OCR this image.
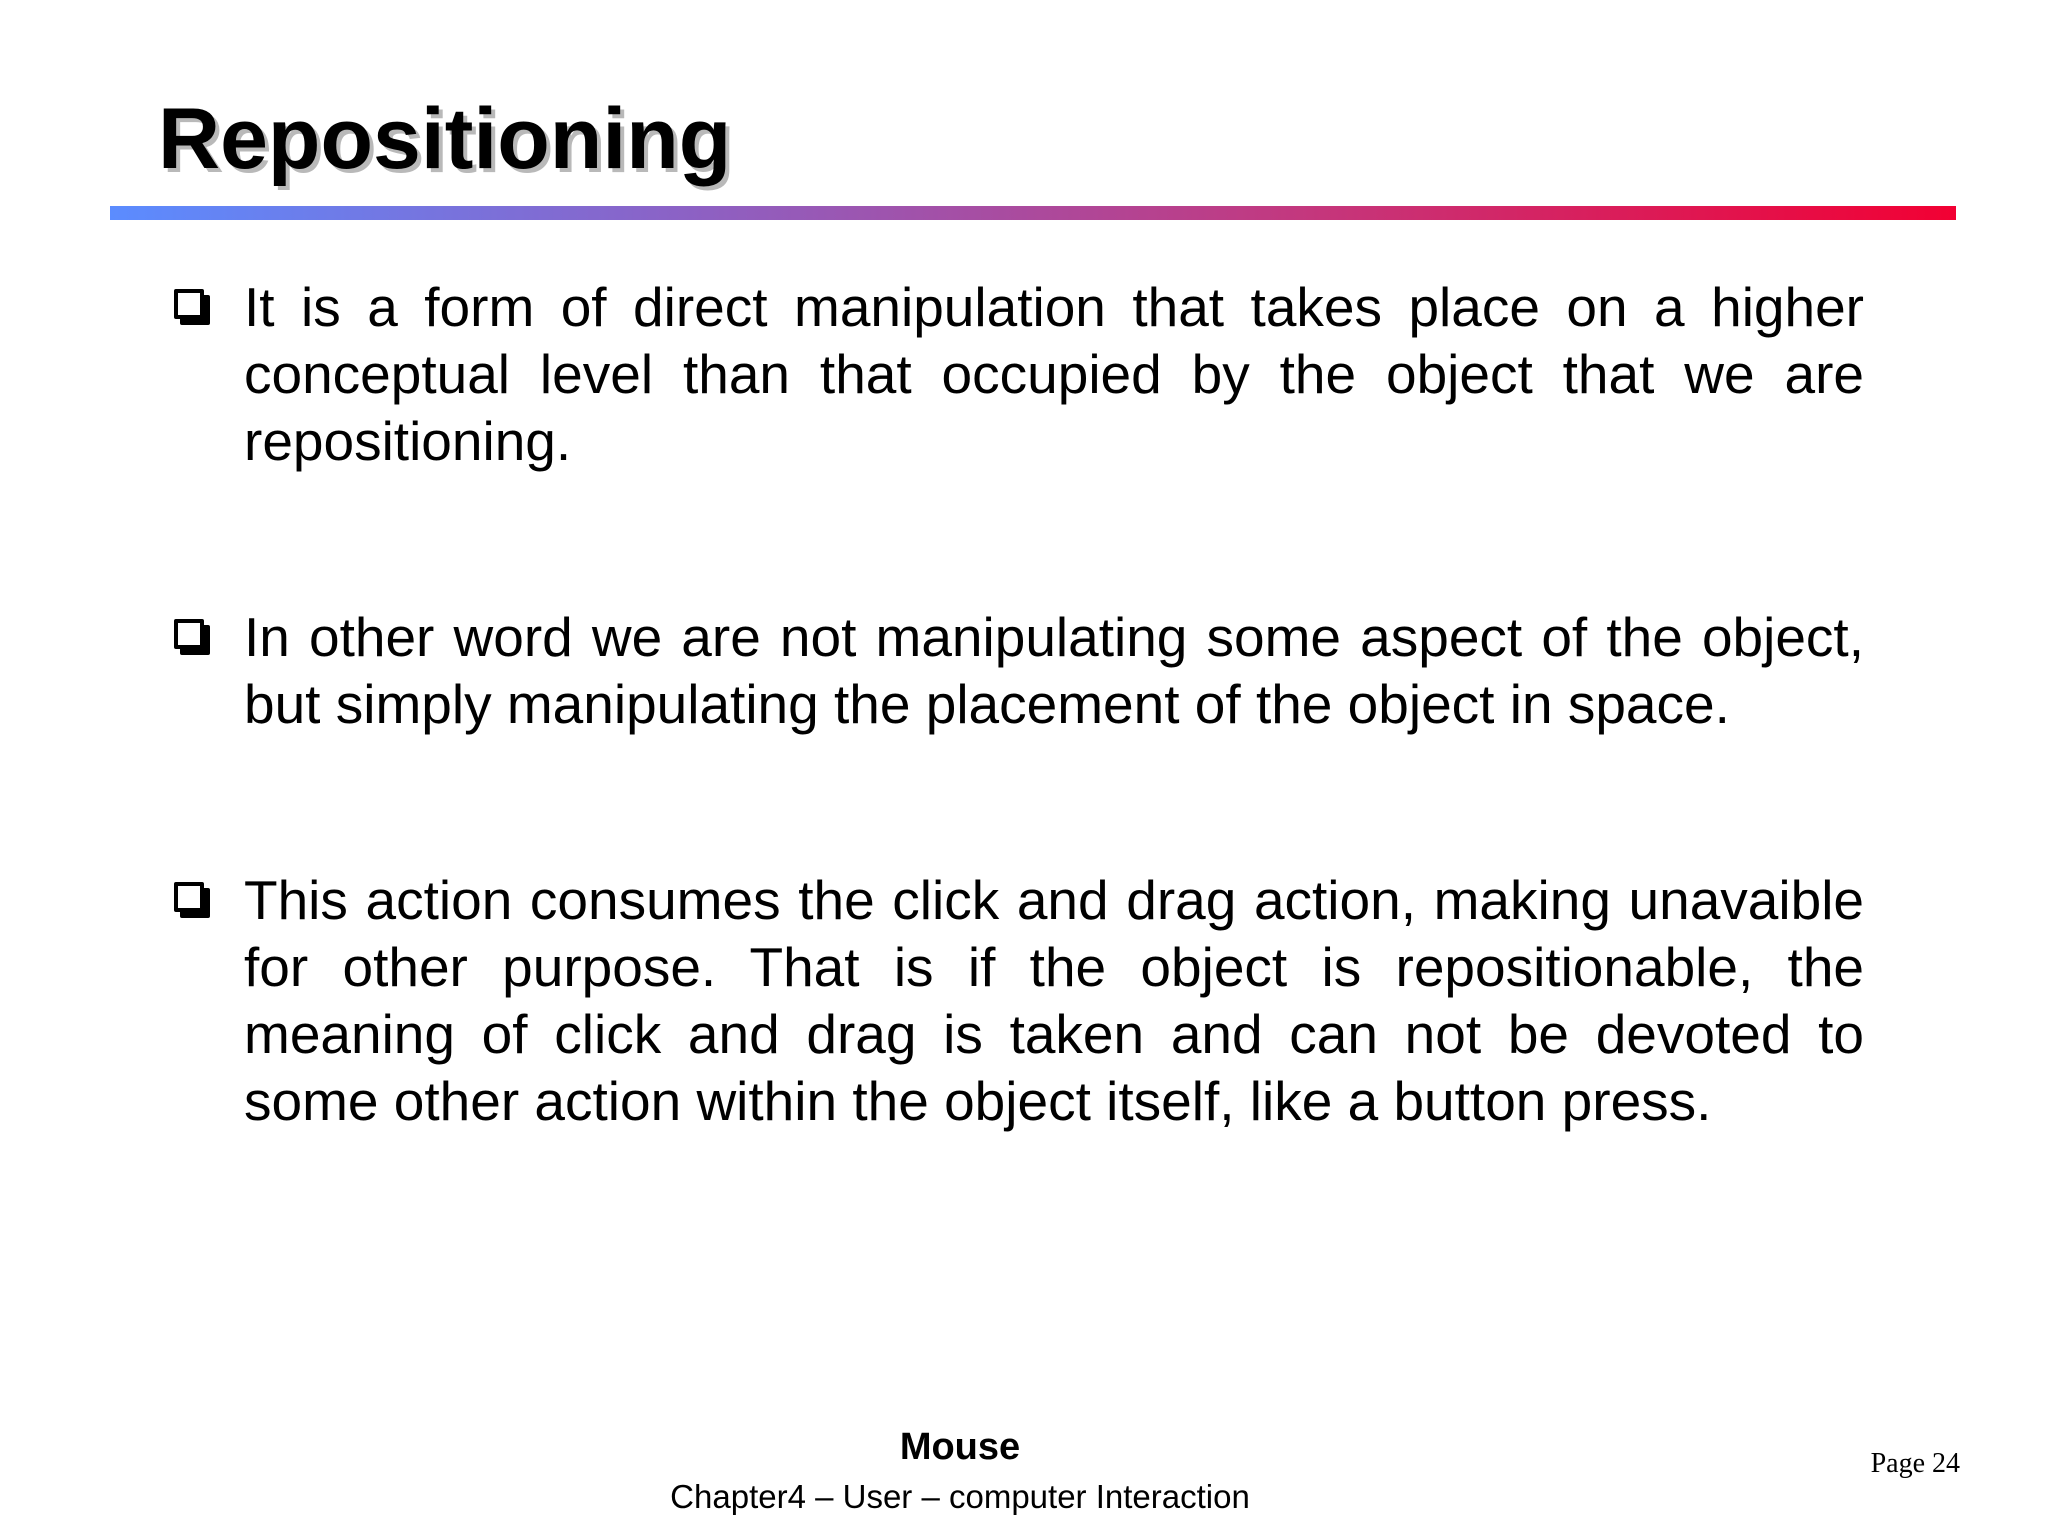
Repositioning
It is a form of direct manipulation that takes place on a higher conceptual level than that occupied by the object that we are repositioning.
In other word we are not manipulating some aspect of the object, but simply manipulating the placement of the object in space.
This action consumes the click and drag action, making unavaible for other purpose. That is if the object is repositionable, the meaning of click and drag is taken and can not be devoted to some other action within the object itself, like a button press.
Mouse
Chapter4 – User – computer Interaction
Page 24
